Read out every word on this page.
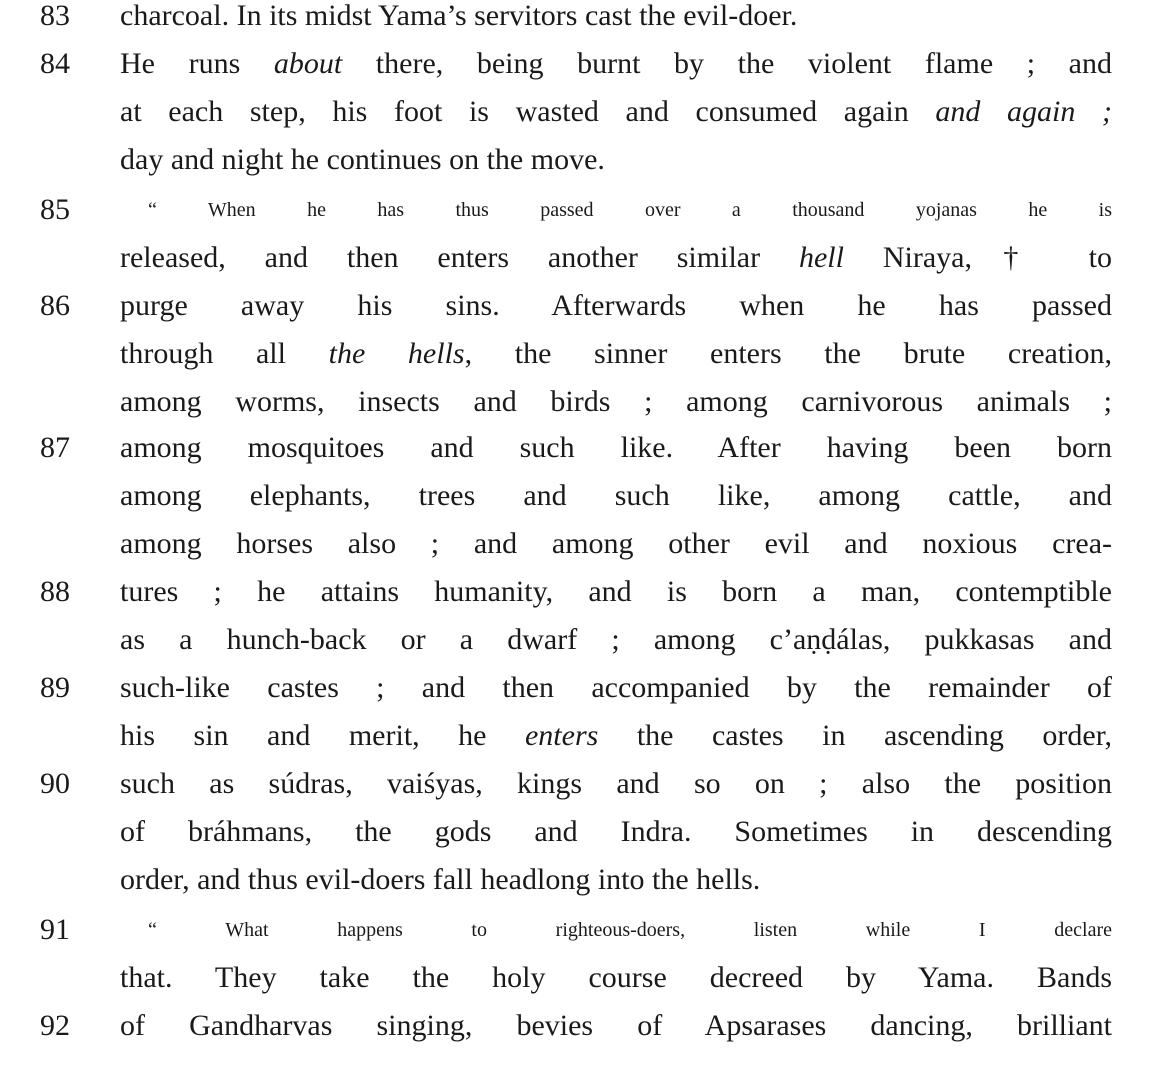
83	charcoal. In its midst Yama’s servitors cast the evil-doer.
84	He runs about there, being burnt by the violent flame ; and
at each step, his foot is wasted and consumed again and again ;
day and night he continues on the move.
85	“ When he has thus passed over a thousand yojanas he is
released, and then enters another similar hell Niraya,† to
86	purge away his sins. Afterwards when he has passed
through all the hells, the sinner enters the brute creation,
among worms, insects and birds ; among carnivorous animals ;
87	among mosquitoes and such like. After having been born
among elephants, trees and such like, among cattle, and
among horses also ; and among other evil and noxious crea-
88	tures ; he attains humanity, and is born a man, contemptible
as a hunch-back or a dwarf ; among c’aṇḍálas, pukkasas and
89	such-like castes ; and then accompanied by the remainder of
his sin and merit, he enters the castes in ascending order,
90	such as súdras, vaiśyas, kings and so on ; also the position
of bráhmans, the gods and Indra. Sometimes in descending
order, and thus evil-doers fall headlong into the hells.
91	“ What happens to righteous-doers, listen while I declare
that. They take the holy course decreed by Yama. Bands
92	of Gandharvas singing, bevies of Apsarases dancing, brilliant
